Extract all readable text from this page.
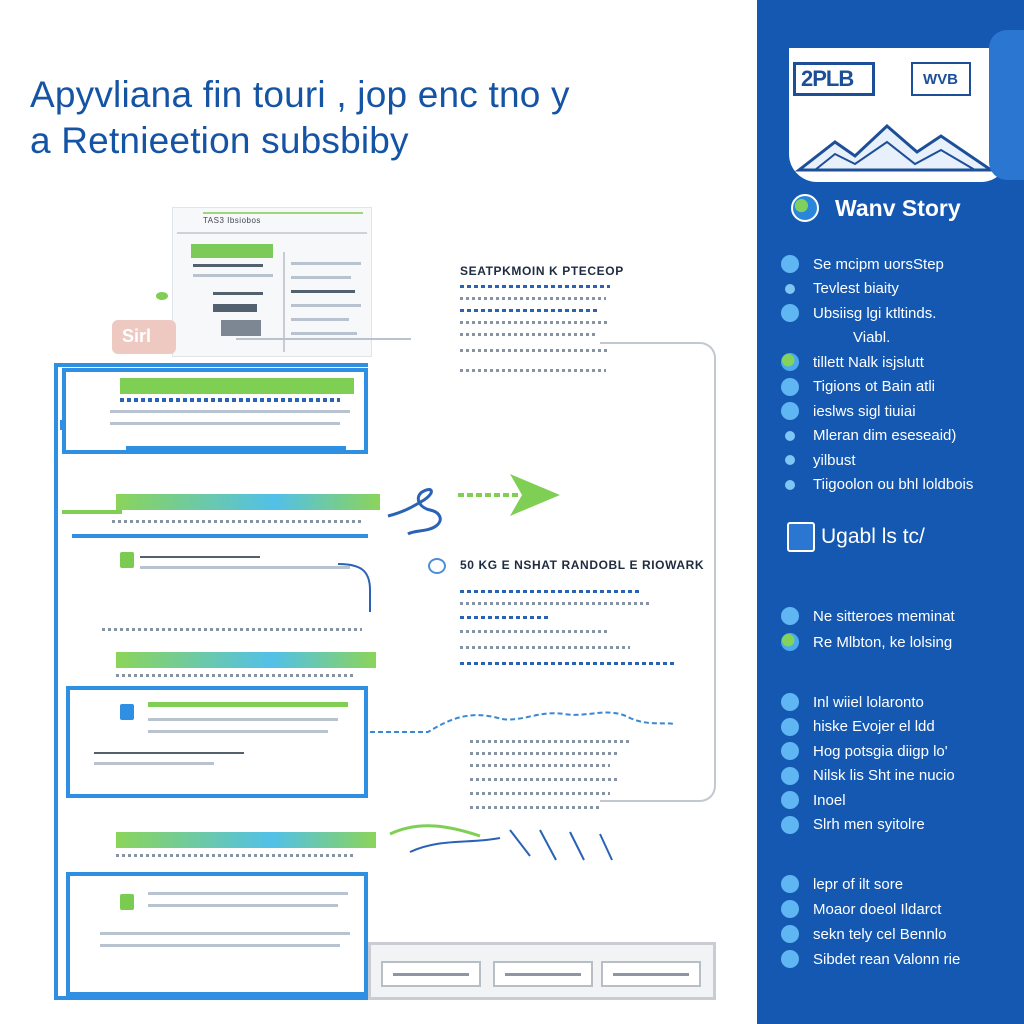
Apyvliana fin touri , jop enc tno y
a Retnieetion subsbiby
TAS3 Ibsiobos
Sirl
SEATPKMOIN K PTECEOP
50 KG E NSHAT RANDOBL E RIOWARK
2PLB	WVB
Wanv Story
Se mcipm uorsStep
Tevlest biaity
Ubsiisg lgi ktltinds.
Viabl.
tillett Nalk isjslutt
Tigions ot Bain atli
ieslws sigl tiuiai
Mleran dim eseseaid)
yilbust
Tiigoolon ou bhl loldbois
Ugabl ls tc/
Ne sitteroes meminat
Re Mlbton, ke lolsing
Inl wiiel lolaronto
hiske Evojer el ldd
Hog potsgia diigp lo'
Nilsk lis Sht ine nucio
Inoel
Slrh men syitolre
lepr of ilt sore
Moaor doeol Ildarct
sekn tely cel Bennlo
Sibdet rean Valonn rie
